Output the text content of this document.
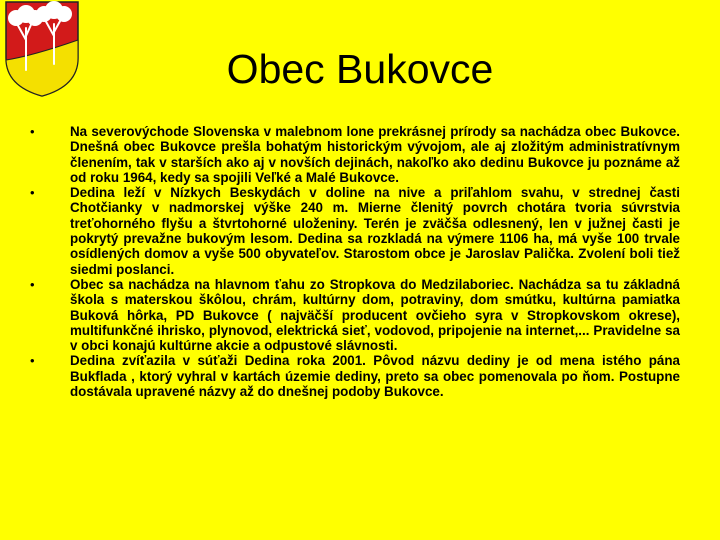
Obec Bukovce
•	Na severovýchode Slovenska v malebnom lone prekrásnej prírody sa nachádza obec Bukovce. Dnešná obec Bukovce prešla bohatým historickým vývojom, ale aj zložitým administratívnym členením, tak v starších ako aj v novších dejinách, nakoľko ako dedinu Bukovce ju poznáme až od roku 1964, kedy sa spojili Veľké a Malé Bukovce.
•	Dedina leží v Nízkych Beskydách v doline na nive a priľahlom svahu, v strednej časti Chotčianky v nadmorskej výške 240 m. Mierne členitý povrch chotára tvoria súvrstvia treťohorného flyšu a štvrtohorné uloženiny. Terén je zväčša odlesnený, len v južnej časti je pokrytý prevažne bukovým lesom. Dedina sa rozkladá na výmere 1106 ha, má vyše 100 trvale osídlených domov a vyše 500 obyvateľov. Starostom obce je Jaroslav Palička. Zvolení boli tiež siedmi poslanci.
•	Obec sa nachádza na hlavnom ťahu zo Stropkova do Medzilaboriec. Nachádza sa tu základná škola s materskou škôlou, chrám, kultúrny dom, potraviny, dom smútku, kultúrna pamiatka Buková hôrka, PD Bukovce ( najväčší producent ovčieho syra v Stropkovskom okrese), multifunkčné ihrisko, plynovod, elektrická sieť, vodovod, pripojenie na internet,... Pravidelne sa v obci konajú kultúrne akcie a odpustové slávnosti.
•	Dedina zvíťazila v súťaži Dedina roka 2001. Pôvod názvu dediny je od mena istého pána Bukflada , ktorý vyhral v kartách územie dediny, preto sa obec pomenovala po ňom. Postupne dostávala upravené názvy až do dnešnej podoby Bukovce.
